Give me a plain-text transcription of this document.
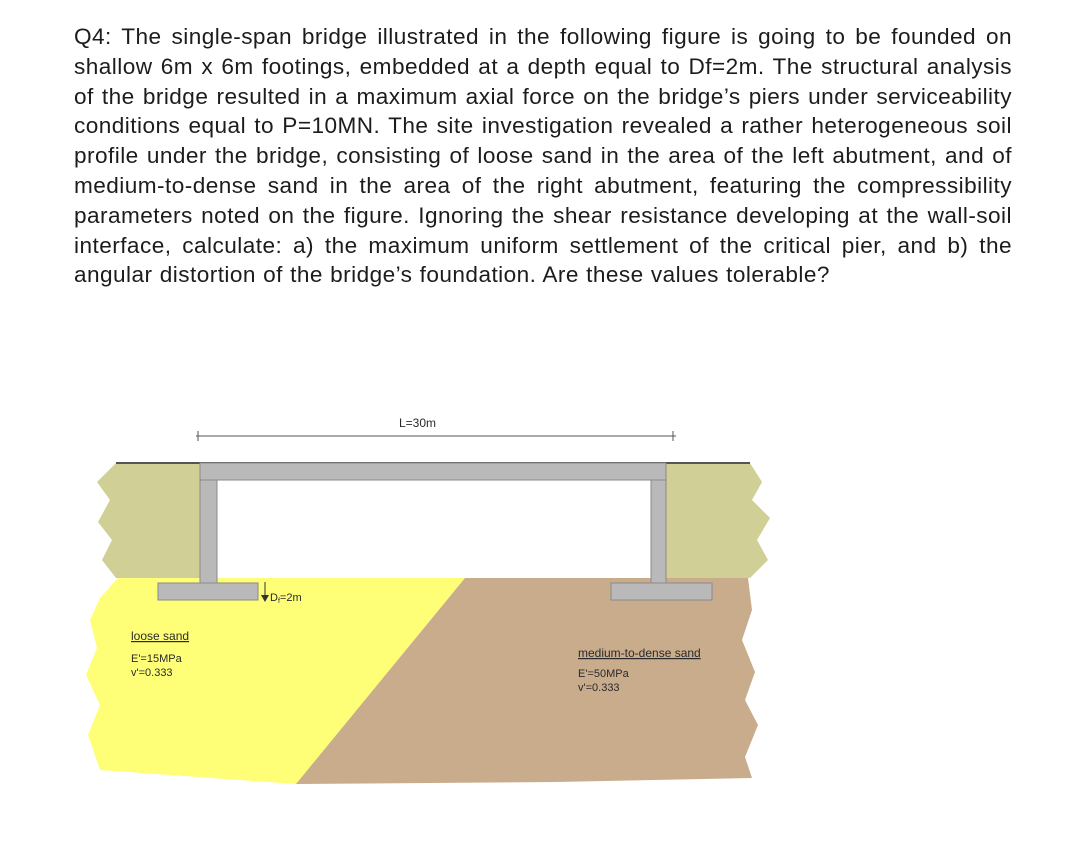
Q4: The single-span bridge illustrated in the following figure is going to be founded on shallow 6m x 6m footings, embedded at a depth equal to Df=2m. The structural analysis of the bridge resulted in a maximum axial force on the bridge’s piers under serviceability conditions equal to P=10MN. The site investigation revealed a rather heterogeneous soil profile under the bridge, consisting of loose sand in the area of the left abutment, and of medium-to-dense sand in the area of the right abutment, featuring the compressibility parameters noted on the figure. Ignoring the shear resistance developing at the wall-soil interface, calculate: a) the maximum uniform settlement of the critical pier, and b) the angular distortion of the bridge’s foundation. Are these values tolerable?

L=30m
Df=2m
loose sand
E'=15MPa
v'=0.333
medium-to-dense sand
E'=50MPa
v'=0.333
